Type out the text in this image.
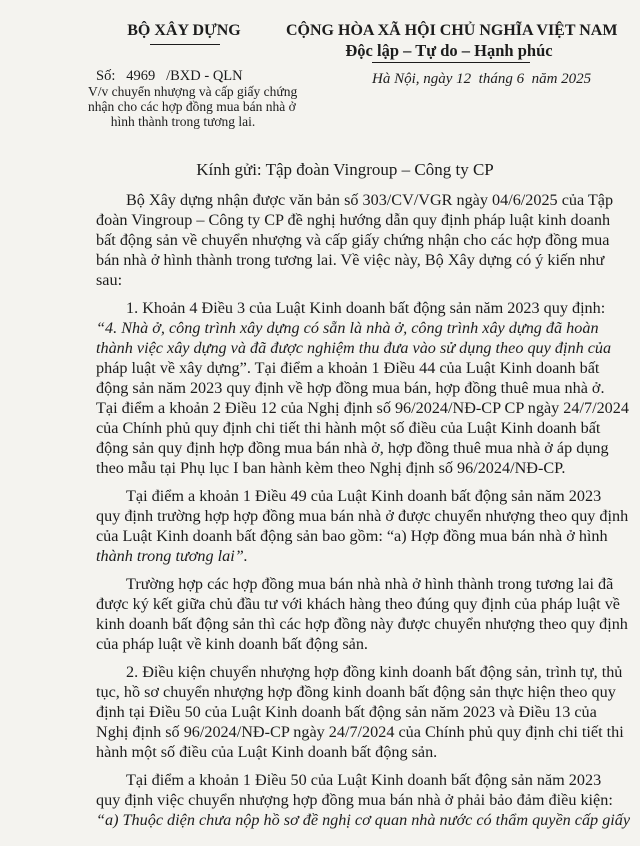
BỘ XÂY DỰNG	CỘNG HÒA XÃ HỘI CHỦ NGHĨA VIỆT NAM
Độc lập – Tự do – Hạnh phúc
Số:   4969   /BXD - QLN
V/v chuyển nhượng và cấp giấy chứng
nhận cho các hợp đồng mua bán nhà ở
hình thành trong tương lai.
Hà Nội, ngày 12  tháng 6  năm 2025
Kính gửi: Tập đoàn Vingroup – Công ty CP
Bộ Xây dựng nhận được văn bản số 303/CV/VGR ngày 04/6/2025 của Tập
đoàn Vingroup – Công ty CP đề nghị hướng dẫn quy định pháp luật kinh doanh
bất động sản về chuyển nhượng và cấp giấy chứng nhận cho các hợp đồng mua
bán nhà ở hình thành trong tương lai. Về việc này, Bộ Xây dựng có ý kiến như
sau:
1. Khoản 4 Điều 3 của Luật Kinh doanh bất động sản năm 2023 quy định:
“4. Nhà ở, công trình xây dựng có sẵn là nhà ở, công trình xây dựng đã hoàn
thành việc xây dựng và đã được nghiệm thu đưa vào sử dụng theo quy định của
pháp luật về xây dựng”. Tại điểm a khoản 1 Điều 44 của Luật Kinh doanh bất
động sản năm 2023 quy định về hợp đồng mua bán, hợp đồng thuê mua nhà ở.
Tại điểm a khoản 2 Điều 12 của Nghị định số 96/2024/NĐ-CP CP ngày 24/7/2024
của Chính phủ quy định chi tiết thi hành một số điều của Luật Kinh doanh bất
động sản quy định hợp đồng mua bán nhà ở, hợp đồng thuê mua nhà ở áp dụng
theo mẫu tại Phụ lục I ban hành kèm theo Nghị định số 96/2024/NĐ-CP.
Tại điểm a khoản 1 Điều 49 của Luật Kinh doanh bất động sản năm 2023
quy định trường hợp hợp đồng mua bán nhà ở được chuyển nhượng theo quy định
của Luật Kinh doanh bất động sản bao gồm: “a) Hợp đồng mua bán nhà ở hình
thành trong tương lai”.
Trường hợp các hợp đồng mua bán nhà nhà ở hình thành trong tương lai đã
được ký kết giữa chủ đầu tư với khách hàng theo đúng quy định của pháp luật về
kinh doanh bất động sản thì các hợp đồng này được chuyển nhượng theo quy định
của pháp luật về kinh doanh bất động sản.
2. Điều kiện chuyển nhượng hợp đồng kinh doanh bất động sản, trình tự, thủ
tục, hồ sơ chuyển nhượng hợp đồng kinh doanh bất động sản thực hiện theo quy
định tại Điều 50 của Luật Kinh doanh bất động sản năm 2023 và Điều 13 của
Nghị định số 96/2024/NĐ-CP ngày 24/7/2024 của Chính phủ quy định chi tiết thi
hành một số điều của Luật Kinh doanh bất động sản.
Tại điểm a khoản 1 Điều 50 của Luật Kinh doanh bất động sản năm 2023
quy định việc chuyển nhượng hợp đồng mua bán nhà ở phải bảo đảm điều kiện:
“a) Thuộc diện chưa nộp hồ sơ đề nghị cơ quan nhà nước có thẩm quyền cấp giấy
